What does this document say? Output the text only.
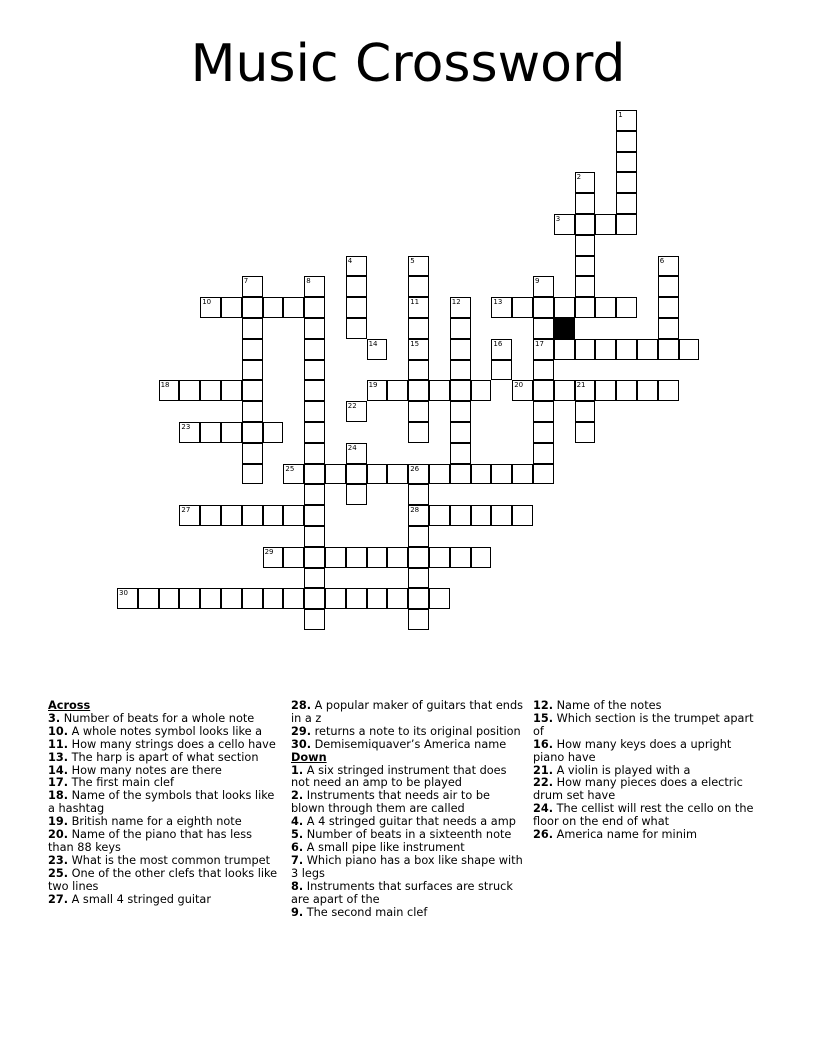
Music Crossword
3
10	11	13
14	17
18	19	20	21
23
25	26
27	28
29
30
1
2
4	5
15
6
7	8	9
12
16
22
24
Across
3. Number of beats for a whole note
10. A whole notes symbol looks like a
11. How many strings does a cello have
13. The harp is apart of what section
14. How many notes are there
17. The first main clef
18. Name of the symbols that looks like a hashtag
19. British name for a eighth note
20. Name of the piano that has less than 88 keys
23. What is the most common trumpet
25. One of the other clefs that looks like two lines
27. A small 4 stringed guitar
28. A popular maker of guitars that ends in a z
29. returns a note to its original position
30. Demisemiquaver’s America name
Down
1. A six stringed instrument that does not need an amp to be played
2. Instruments that needs air to be blown through them are called
4. A 4 stringed guitar that needs a amp
5. Number of beats in a sixteenth note
6. A small pipe like instrument
7. Which piano has a box like shape with 3 legs
8. Instruments that surfaces are struck are apart of the
9. The second main clef
12. Name of the notes
15. Which section is the trumpet apart of
16. How many keys does a upright piano have
21. A violin is played with a
22. How many pieces does a electric drum set have
24. The cellist will rest the cello on the floor on the end of what
26. America name for minim
